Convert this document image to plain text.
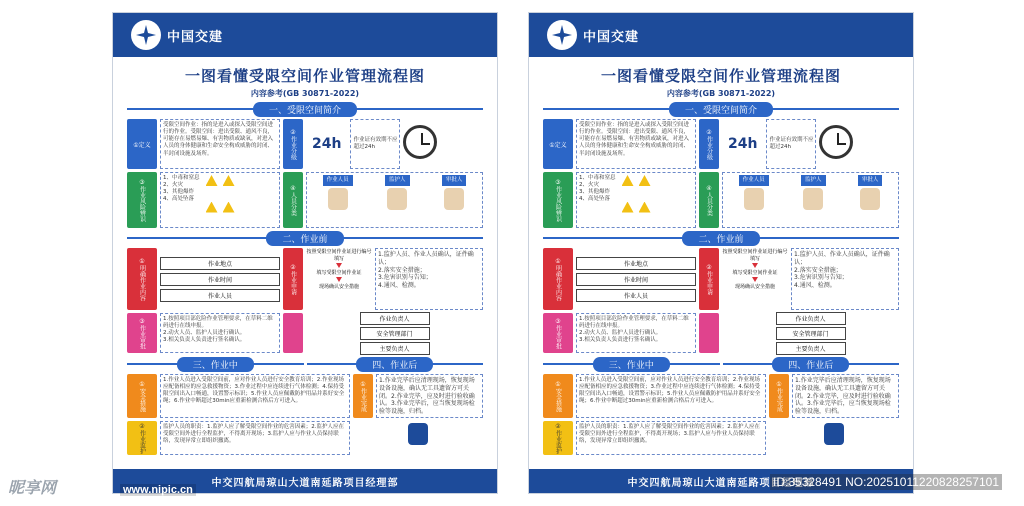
中国交建
一图看懂受限空间作业管理流程图
内容参考(GB 30871-2022)
一、受限空间简介
①定义
受限空间作业：指的是进入或探入受限空间进行的作业。受限空间：进出受限、通风不良，可能存在易燃易爆、有害物质或缺氧，对进入人员的身体健康和生命安全构成威胁的封闭、半封闭设施及场所。	②作业分级	24h	作业证有效期不应超过24h
③作业风险辨识
1、中毒和窒息
2、火灾
3、其他爆炸
4、高处坠落	④人员分类
作业人员	监护人	审批人
二、作业前
①明确作业内容	作业地点
作业时间
作业人员
②作业申请
按照受限空间作业证进行编号填写
填写受限空间作业证
现场确认安全措施
1.监护人员、作业人员确认，证件确认；
2.落实安全措施；
3.危害识别与告知；
4.通风、检测。
③作业审批	1.按照项目部危险作业管理要求，在草料二维码进行在线申报。
2.动火人员、监护人员进行确认。
3.相关负责人负责进行签名确认。
作业负责人
安全管理部门
主要负责人
三、作业中	四、作业后
①安全措施
1.作业人员进入受限空间前，应对作业人员进行安全教育培训；2.作业现场应配备相应的应急救援物资；3.作业过程中应连续进行气体检测；4.保持受限空间出入口畅通，设置警示标识；5.作业人员应佩戴防护用品并系好安全绳；6.作业中断超过30min应重新检测合格后方可进入。	①作业完成	1.作业完毕后应清理现场，恢复现场设备设施，确认无工具遗留方可关闭。2.作业完毕，应及时进行验收确认。3.作业完毕后，应当恢复现场检验等设施，归档。
②作业监护	监护人员的职责：1.监护人应了解受限空间作业的危害因素；2.监护人应在受限空间外进行全程监护，不得离开现场；3.监护人应与作业人员保持联络，发现异常立即组织撤离。
中交四航局琼山大道南延路项目经理部
中国交建
一图看懂受限空间作业管理流程图
内容参考(GB 30871-2022)
一、受限空间简介
①定义
受限空间作业：指的是进入或探入受限空间进行的作业。受限空间：进出受限、通风不良，可能存在易燃易爆、有害物质或缺氧，对进入人员的身体健康和生命安全构成威胁的封闭、半封闭设施及场所。	②作业分级	24h	作业证有效期不应超过24h
③作业风险辨识
1、中毒和窒息
2、火灾
3、其他爆炸
4、高处坠落	④人员分类
作业人员	监护人	审批人
二、作业前
①明确作业内容	作业地点
作业时间
作业人员
②作业申请
按照受限空间作业证进行编号填写
填写受限空间作业证
现场确认安全措施
1.监护人员、作业人员确认，证件确认；
2.落实安全措施；
3.危害识别与告知；
4.通风、检测。
③作业审批	1.按照项目部危险作业管理要求，在草料二维码进行在线申报。
2.动火人员、监护人员进行确认。
3.相关负责人负责进行签名确认。
作业负责人
安全管理部门
主要负责人
三、作业中	四、作业后
①安全措施
1.作业人员进入受限空间前，应对作业人员进行安全教育培训；2.作业现场应配备相应的应急救援物资；3.作业过程中应连续进行气体检测；4.保持受限空间出入口畅通，设置警示标识；5.作业人员应佩戴防护用品并系好安全绳；6.作业中断超过30min应重新检测合格后方可进入。	①作业完成	1.作业完毕后应清理现场，恢复现场设备设施，确认无工具遗留方可关闭。2.作业完毕，应及时进行验收确认。3.作业完毕后，应当恢复现场检验等设施，归档。
②作业监护	监护人员的职责：1.监护人应了解受限空间作业的危害因素；2.监护人应在受限空间外进行全程监护，不得离开现场；3.监护人应与作业人员保持联络，发现异常立即组织撤离。
中交四航局琼山大道南延路项目经理部
昵享网	www.nipic.cn
ID:35328491 NO:20251011220828257101
